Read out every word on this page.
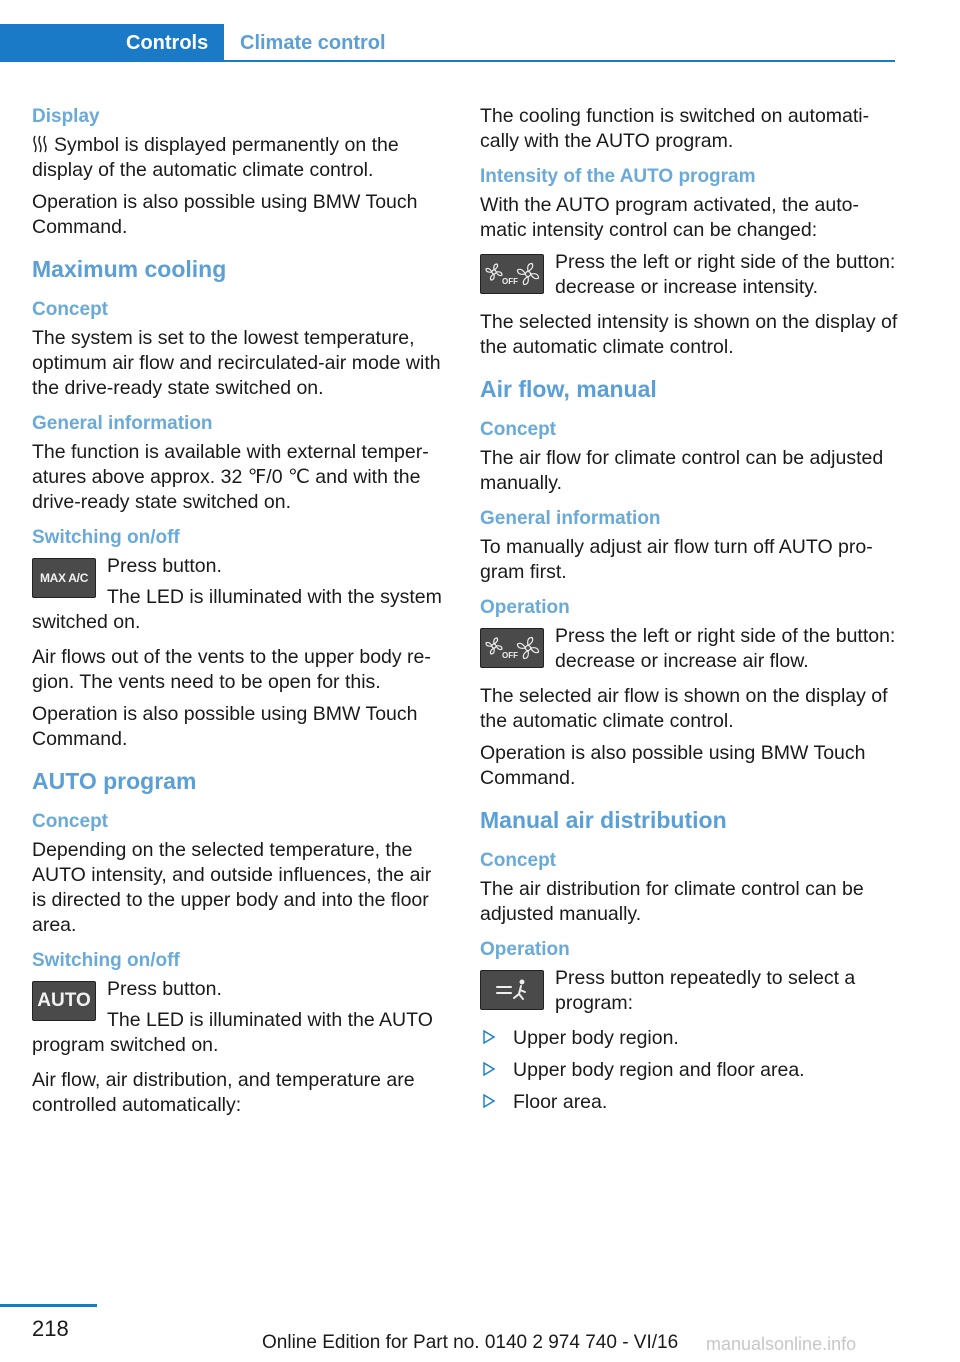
Controls	Climate control
Display

Symbol is displayed permanently on the display of the automatic climate control.

Operation is also possible using BMW Touch Command.

Maximum cooling
Concept

The system is set to the lowest temperature, optimum air flow and recirculated-air mode with the drive-ready state switched on.

General information

The function is available with external temperatures above approx. 32 ℉/0 ℃ and with the drive-ready state switched on.

Switching on/off
MAX A/C

Press button.

The LED is illuminated with the system switched on.

Air flows out of the vents to the upper body region. The vents need to be open for this.

Operation is also possible using BMW Touch Command.

AUTO program
Concept

Depending on the selected temperature, the AUTO intensity, and outside influences, the air is directed to the upper body and into the floor area.

Switching on/off
AUTO

Press button.

The LED is illuminated with the AUTO program switched on.

Air flow, air distribution, and temperature are controlled automatically:

The cooling function is switched on automatically with the AUTO program.

Intensity of the AUTO program

With the AUTO program activated, the automatic intensity control can be changed:

OFF

Press the left or right side of the button: decrease or increase intensity.

The selected intensity is shown on the display of the automatic climate control.

Air flow, manual
Concept

The air flow for climate control can be adjusted manually.

General information

To manually adjust air flow turn off AUTO program first.

Operation
OFF

Press the left or right side of the button: decrease or increase air flow.

The selected air flow is shown on the display of the automatic climate control.

Operation is also possible using BMW Touch Command.

Manual air distribution
Concept

The air distribution for climate control can be adjusted manually.

Operation

Press button repeatedly to select a program:

Upper body region.
Upper body region and floor area.
Floor area.
218
Online Edition for Part no. 0140 2 974 740 - VI/16 manualsonline.info
